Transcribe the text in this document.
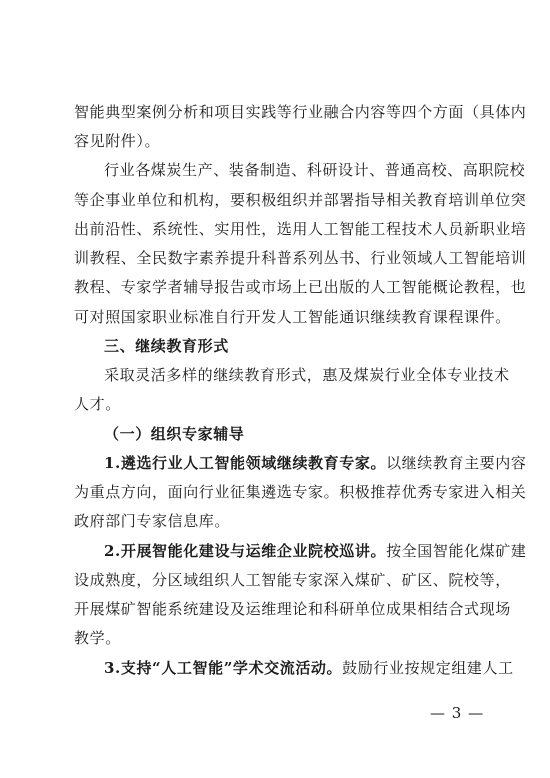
智能典型案例分析和项目实践等行业融合内容等四个方面（具体内
容见附件）。
行业各煤炭生产、装备制造、科研设计、普通高校、高职院校
等企事业单位和机构，要积极组织并部署指导相关教育培训单位突
出前沿性、系统性、实用性，选用人工智能工程技术人员新职业培
训教程、全民数字素养提升科普系列丛书、行业领域人工智能培训
教程、专家学者辅导报告或市场上已出版的人工智能概论教程，也
可对照国家职业标准自行开发人工智能通识继续教育课程课件。
三、继续教育形式
采取灵活多样的继续教育形式，惠及煤炭行业全体专业技术
人才。
（一）组织专家辅导
1.遴选行业人工智能领域继续教育专家。以继续教育主要内容
为重点方向，面向行业征集遴选专家。积极推荐优秀专家进入相关
政府部门专家信息库。
2.开展智能化建设与运维企业院校巡讲。按全国智能化煤矿建
设成熟度，分区域组织人工智能专家深入煤矿、矿区、院校等，
开展煤矿智能系统建设及运维理论和科研单位成果相结合式现场
教学。
3.支持“人工智能”学术交流活动。鼓励行业按规定组建人工
— 3 —
